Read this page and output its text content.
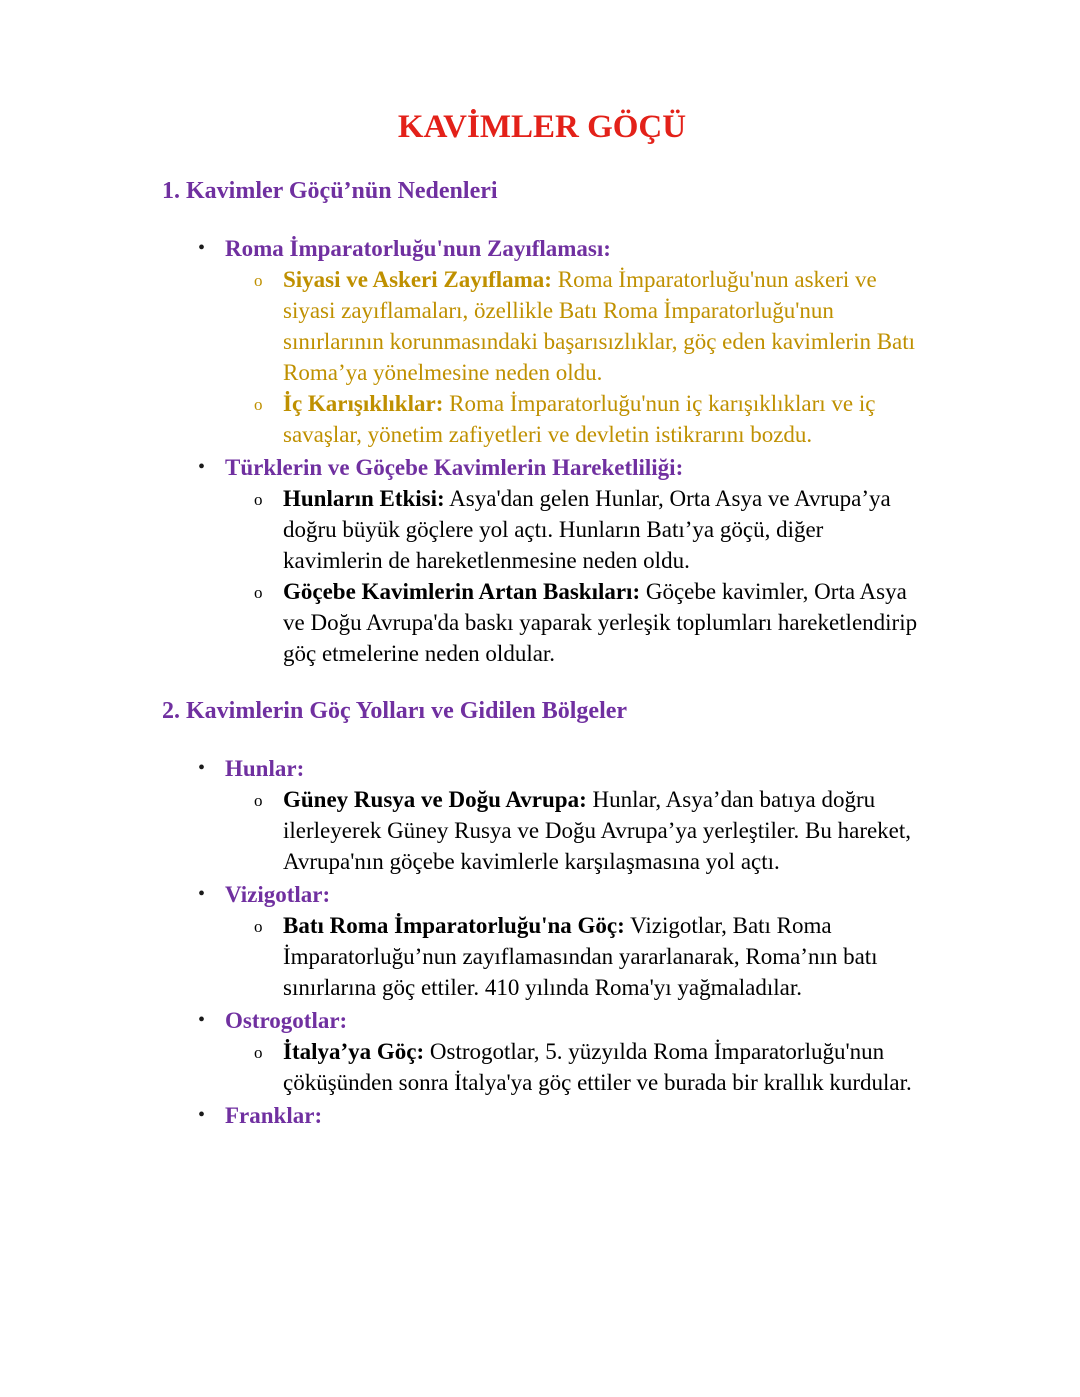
KAVİMLER GÖÇÜ
1. Kavimler Göçü’nün Nedenleri
• Roma İmparatorluğu'nun Zayıflaması:
o Siyasi ve Askeri Zayıflama: Roma İmparatorluğu'nun askeri ve siyasi zayıflamaları, özellikle Batı Roma İmparatorluğu'nun sınırlarının korunmasındaki başarısızlıklar, göç eden kavimlerin Batı Roma’ya yönelmesine neden oldu.
o İç Karışıklıklar: Roma İmparatorluğu'nun iç karışıklıkları ve iç savaşlar, yönetim zafiyetleri ve devletin istikrarını bozdu.
• Türklerin ve Göçebe Kavimlerin Hareketliliği:
o Hunların Etkisi: Asya'dan gelen Hunlar, Orta Asya ve Avrupa’ya doğru büyük göçlere yol açtı. Hunların Batı’ya göçü, diğer kavimlerin de hareketlenmesine neden oldu.
o Göçebe Kavimlerin Artan Baskıları: Göçebe kavimler, Orta Asya ve Doğu Avrupa'da baskı yaparak yerleşik toplumları hareketlendirip göç etmelerine neden oldular.
2. Kavimlerin Göç Yolları ve Gidilen Bölgeler
• Hunlar:
o Güney Rusya ve Doğu Avrupa: Hunlar, Asya’dan batıya doğru ilerleyerek Güney Rusya ve Doğu Avrupa’ya yerleştiler. Bu hareket, Avrupa'nın göçebe kavimlerle karşılaşmasına yol açtı.
• Vizigotlar:
o Batı Roma İmparatorluğu'na Göç: Vizigotlar, Batı Roma İmparatorluğu’nun zayıflamasından yararlanarak, Roma’nın batı sınırlarına göç ettiler. 410 yılında Roma'yı yağmaladılar.
• Ostrogotlar:
o İtalya’ya Göç: Ostrogotlar, 5. yüzyılda Roma İmparatorluğu'nun çöküşünden sonra İtalya'ya göç ettiler ve burada bir krallık kurdular.
• Franklar:
